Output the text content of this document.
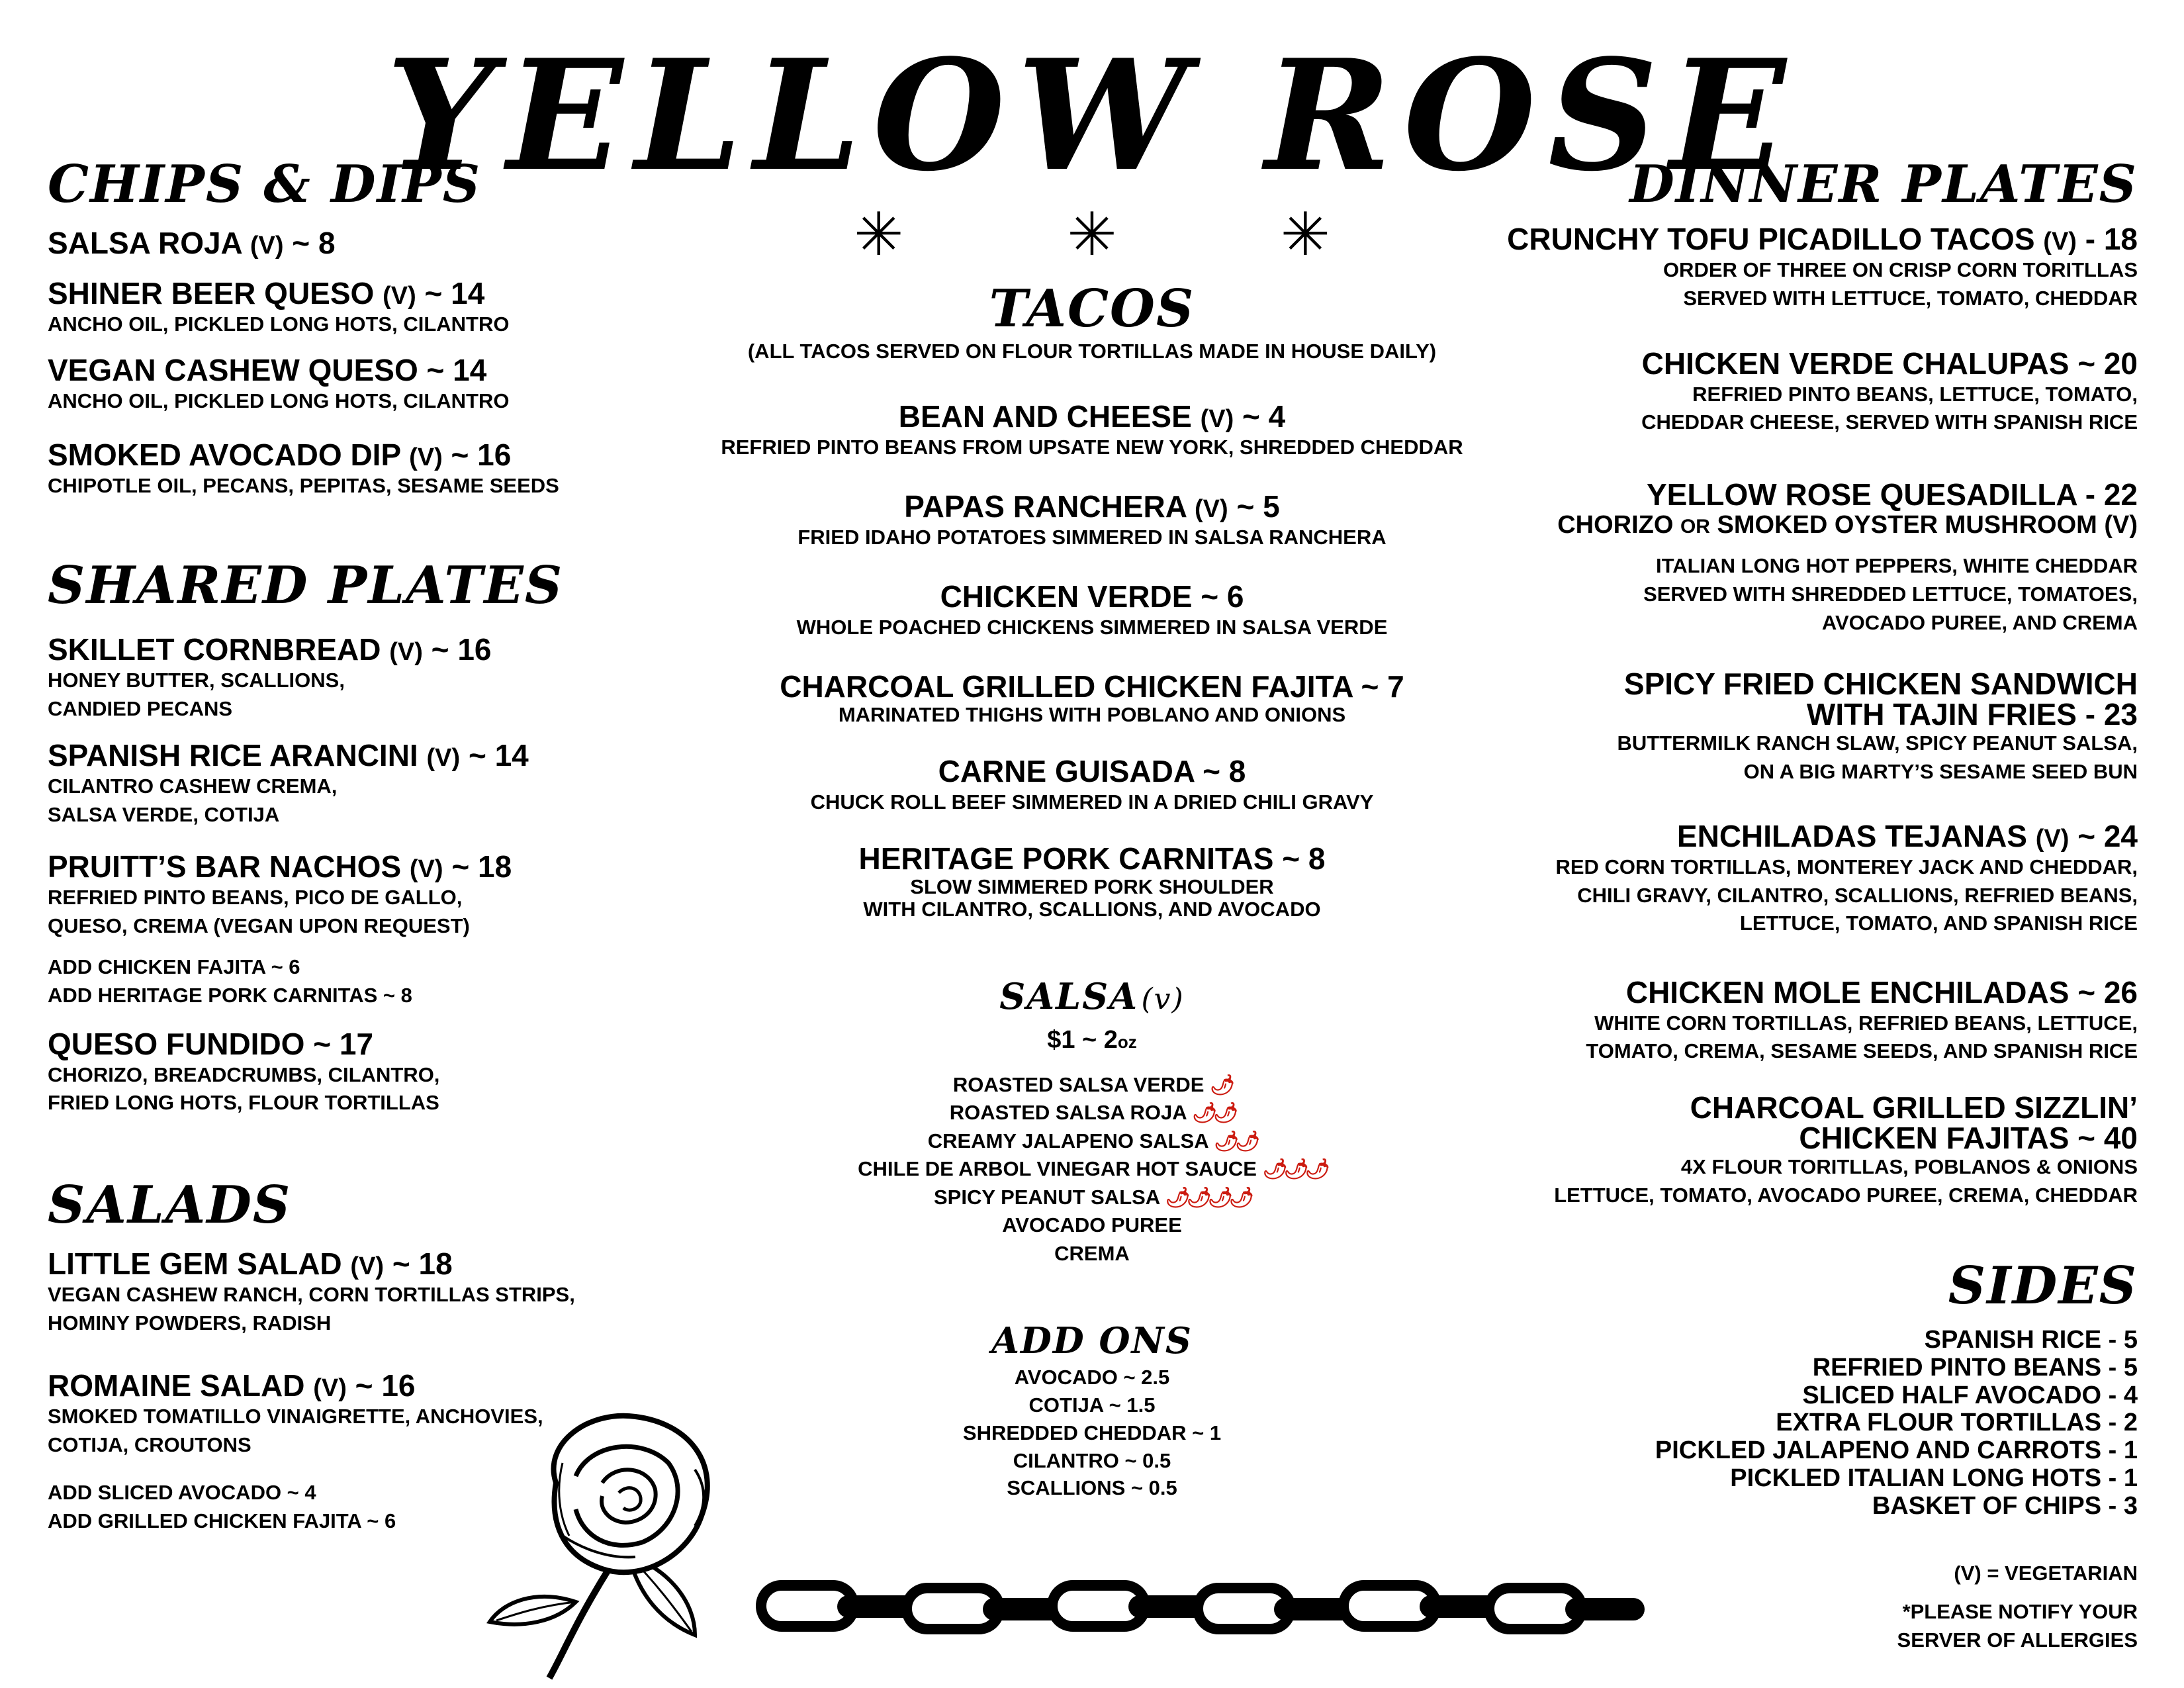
YELLOW ROSE
✳	✳	✳
CHIPS & DIPS
SALSA ROJA (V) ~ 8
SHINER BEER QUESO (V) ~ 14
ANCHO OIL, PICKLED LONG HOTS, CILANTRO
VEGAN CASHEW QUESO ~ 14
ANCHO OIL, PICKLED LONG HOTS, CILANTRO
SMOKED AVOCADO DIP (V) ~ 16
CHIPOTLE OIL, PECANS, PEPITAS, SESAME SEEDS
SHARED PLATES
SKILLET CORNBREAD (V) ~ 16
HONEY BUTTER, SCALLIONS,
CANDIED PECANS
SPANISH RICE ARANCINI (V) ~ 14
CILANTRO CASHEW CREMA,
SALSA VERDE, COTIJA
PRUITT’S BAR NACHOS (V) ~ 18
REFRIED PINTO BEANS, PICO DE GALLO,
QUESO, CREMA (VEGAN UPON REQUEST)
ADD CHICKEN FAJITA ~ 6
ADD HERITAGE PORK CARNITAS ~ 8
QUESO FUNDIDO ~ 17
CHORIZO, BREADCRUMBS, CILANTRO,
FRIED LONG HOTS, FLOUR TORTILLAS
SALADS
LITTLE GEM SALAD (V) ~ 18
VEGAN CASHEW RANCH, CORN TORTILLAS STRIPS,
HOMINY POWDERS, RADISH
ROMAINE SALAD (V) ~ 16
SMOKED TOMATILLO VINAIGRETTE, ANCHOVIES,
COTIJA, CROUTONS
ADD SLICED AVOCADO ~ 4
ADD GRILLED CHICKEN FAJITA ~ 6
TACOS
(ALL TACOS SERVED ON FLOUR TORTILLAS MADE IN HOUSE DAILY)
BEAN AND CHEESE (V) ~ 4
REFRIED PINTO BEANS FROM UPSATE NEW YORK, SHREDDED CHEDDAR
PAPAS RANCHERA (V) ~ 5
FRIED IDAHO POTATOES SIMMERED IN SALSA RANCHERA
CHICKEN VERDE ~ 6
WHOLE POACHED CHICKENS SIMMERED IN SALSA VERDE
CHARCOAL GRILLED CHICKEN FAJITA ~ 7
MARINATED THIGHS WITH POBLANO AND ONIONS
CARNE GUISADA ~ 8
CHUCK ROLL BEEF SIMMERED IN A DRIED CHILI GRAVY
HERITAGE PORK CARNITAS ~ 8
SLOW SIMMERED PORK SHOULDER
WITH CILANTRO, SCALLIONS, AND AVOCADO
SALSA (v)
$1 ~ 2oz
ROASTED SALSA VERDE 🌶
ROASTED SALSA ROJA 🌶🌶
CREAMY JALAPENO SALSA 🌶🌶
CHILE DE ARBOL VINEGAR HOT SAUCE 🌶🌶🌶
SPICY PEANUT SALSA 🌶🌶🌶🌶
AVOCADO PUREE
CREMA
ADD ONS
AVOCADO ~ 2.5
COTIJA ~ 1.5
SHREDDED CHEDDAR ~ 1
CILANTRO ~ 0.5
SCALLIONS ~ 0.5
DINNER PLATES
CRUNCHY TOFU PICADILLO TACOS (V) - 18
ORDER OF THREE ON CRISP CORN TORITLLAS
SERVED WITH LETTUCE, TOMATO, CHEDDAR
CHICKEN VERDE CHALUPAS ~ 20
REFRIED PINTO BEANS, LETTUCE, TOMATO,
CHEDDAR CHEESE, SERVED WITH SPANISH RICE
YELLOW ROSE QUESADILLA - 22
CHORIZO OR SMOKED OYSTER MUSHROOM (V)
ITALIAN LONG HOT PEPPERS, WHITE CHEDDAR
SERVED WITH SHREDDED LETTUCE, TOMATOES,
AVOCADO PUREE, AND CREMA
SPICY FRIED CHICKEN SANDWICH
WITH TAJIN FRIES - 23
BUTTERMILK RANCH SLAW, SPICY PEANUT SALSA,
ON A BIG MARTY’S SESAME SEED BUN
ENCHILADAS TEJANAS (V) ~ 24
RED CORN TORTILLAS, MONTEREY JACK AND CHEDDAR,
CHILI GRAVY, CILANTRO, SCALLIONS, REFRIED BEANS,
LETTUCE, TOMATO, AND SPANISH RICE
CHICKEN MOLE ENCHILADAS ~ 26
WHITE CORN TORTILLAS, REFRIED BEANS, LETTUCE,
TOMATO, CREMA, SESAME SEEDS, AND SPANISH RICE
CHARCOAL GRILLED SIZZLIN’
CHICKEN FAJITAS ~ 40
4X FLOUR TORITLLAS, POBLANOS & ONIONS
LETTUCE, TOMATO, AVOCADO PUREE, CREMA, CHEDDAR
SIDES
SPANISH RICE - 5
REFRIED PINTO BEANS - 5
SLICED HALF AVOCADO - 4
EXTRA FLOUR TORTILLAS - 2
PICKLED JALAPENO AND CARROTS - 1
PICKLED ITALIAN LONG HOTS - 1
BASKET OF CHIPS - 3
(V) = VEGETARIAN
*PLEASE NOTIFY YOUR
SERVER OF ALLERGIES
